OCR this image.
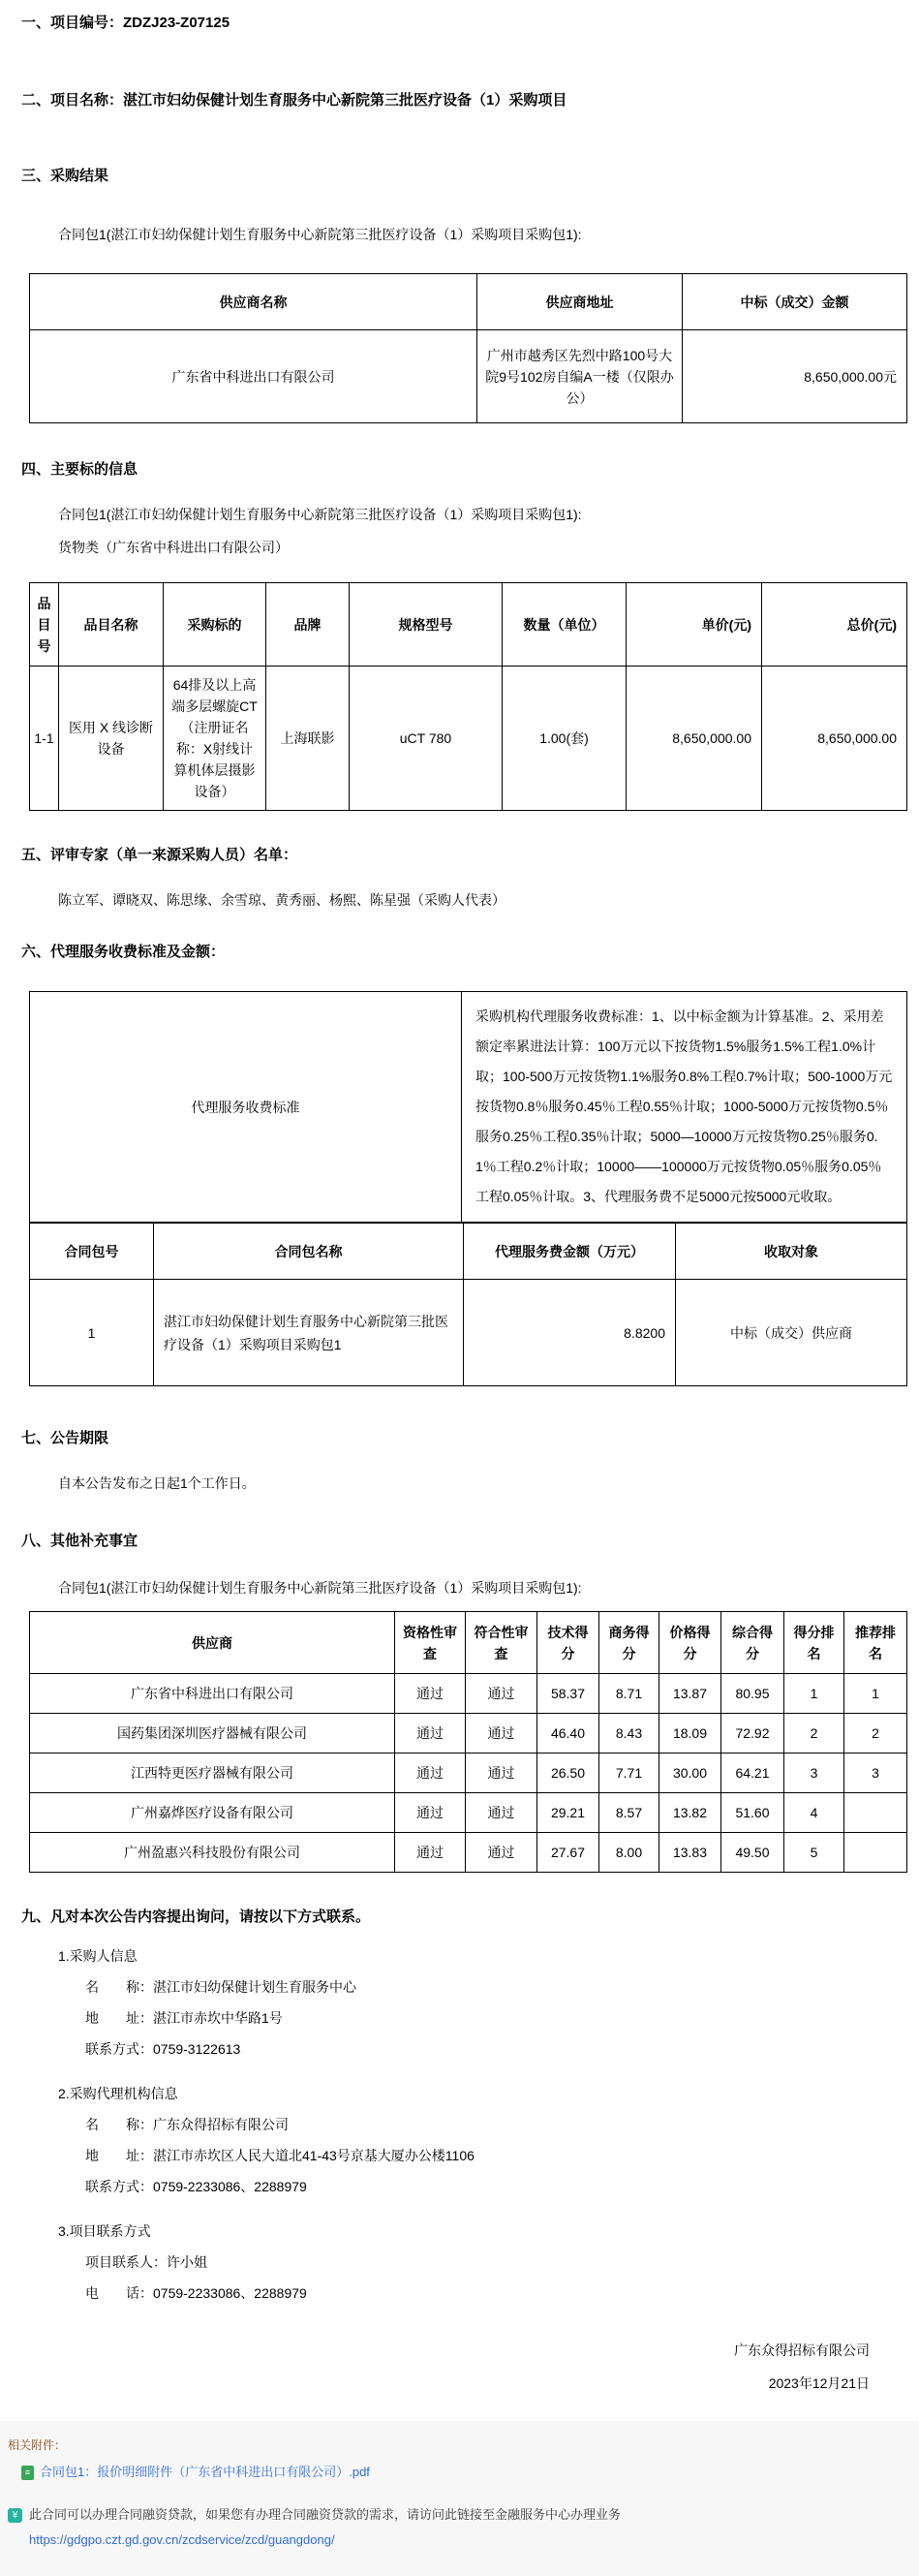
一、项目编号：ZDZJ23-Z07125
二、项目名称：湛江市妇幼保健计划生育服务中心新院第三批医疗设备（1）采购项目
三、采购结果

合同包1(湛江市妇幼保健计划生育服务中心新院第三批医疗设备（1）采购项目采购包1):

供应商名称	供应商地址	中标（成交）金额
广东省中科进出口有限公司	广州市越秀区先烈中路100号大院9号102房自编A一楼（仅限办公）	8,650,000.00元
四、主要标的信息

合同包1(湛江市妇幼保健计划生育服务中心新院第三批医疗设备（1）采购项目采购包1):

货物类（广东省中科进出口有限公司）

品目号	品目名称	采购标的	品牌	规格型号	数量（单位）	单价(元)	总价(元)
1-1	医用 X 线诊断设备	64排及以上高端多层螺旋CT（注册证名称：X射线计算机体层摄影设备）	上海联影	uCT 780	1.00(套)	8,650,000.00	8,650,000.00
五、评审专家（单一来源采购人员）名单：

陈立军、谭晓双、陈思缘、余雪琼、黄秀丽、杨熙、陈星强（采购人代表）

六、代理服务收费标准及金额：
代理服务收费标准	采购机构代理服务收费标准：1、以中标金额为计算基准。2、采用差额定率累进法计算：100万元以下按货物1.5%服务1.5%工程1.0%计取；100-500万元按货物1.1%服务0.8%工程0.7%计取；500-1000万元按货物0.8％服务0.45％工程0.55％计取；1000-5000万元按货物0.5％服务0.25％工程0.35％计取；5000—10000万元按货物0.25％服务0.1％工程0.2％计取；10000——100000万元按货物0.05％服务0.05％工程0.05％计取。3、代理服务费不足5000元按5000元收取。
合同包号	合同包名称	代理服务费金额（万元）	收取对象
1	湛江市妇幼保健计划生育服务中心新院第三批医疗设备（1）采购项目采购包1	8.8200	中标（成交）供应商
七、公告期限

自本公告发布之日起1个工作日。

八、其他补充事宜

合同包1(湛江市妇幼保健计划生育服务中心新院第三批医疗设备（1）采购项目采购包1):

供应商	资格性审查	符合性审查	技术得分	商务得分	价格得分	综合得分	得分排名	推荐排名
广东省中科进出口有限公司	通过	通过	58.37	8.71	13.87	80.95	1	1
国药集团深圳医疗器械有限公司	通过	通过	46.40	8.43	18.09	72.92	2	2
江西特更医疗器械有限公司	通过	通过	26.50	7.71	30.00	64.21	3	3
广州嘉烨医疗设备有限公司	通过	通过	29.21	8.57	13.82	51.60	4	
广州盈惠兴科技股份有限公司	通过	通过	27.67	8.00	13.83	49.50	5	
九、凡对本次公告内容提出询问，请按以下方式联系。

1.采购人信息

名　　称：湛江市妇幼保健计划生育服务中心

地　　址：湛江市赤坎中华路1号

联系方式：0759-3122613

2.采购代理机构信息

名　　称：广东众得招标有限公司

地　　址：湛江市赤坎区人民大道北41-43号京基大厦办公楼1106

联系方式：0759-2233086、2288979

3.项目联系方式

项目联系人：许小姐

电　　话：0759-2233086、2288979

广东众得招标有限公司
2023年12月21日
相关附件：
≡ 合同包1：报价明细附件（广东省中科进出口有限公司）.pdf
¥ 此合同可以办理合同融资贷款，如果您有办理合同融资贷款的需求，请访问此链接至金融服务中心办理业务
https://gdgpo.czt.gd.gov.cn/zcdservice/zcd/guangdong/
